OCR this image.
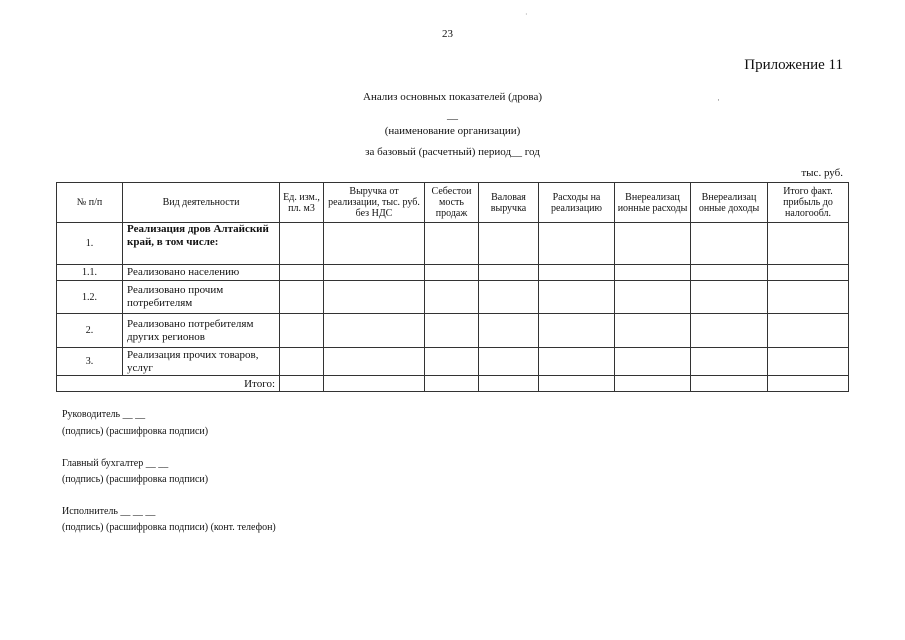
23
·
Приложение 11
Анализ основных показателей (дрова)	·
__
(наименование организации)
за базовый (расчетный) период__ год
тыс. руб.
№ п/п	Вид деятельности	Ед. изм., пл. м3	Выручка от реализации, тыс. руб. без НДС	Себестои мость продаж	Валовая выручка	Расходы на реализацию	Внереализац ионные расходы	Внереализац онные доходы	Итого факт. прибыль до налогообл.
1.	Реализация дров Алтайский край, в том числе:								
1.1.	Реализовано населению								
1.2.	Реализовано прочим потребителям								
2.	Реализовано потребителям других регионов								
3.	Реализация прочих товаров, услуг								
Итого:									
Руководитель __ __
(подпись) (расшифровка подписи)
Главный бухгалтер __ __
(подпись) (расшифровка подписи)
Исполнитель __ __ __
(подпись) (расшифровка подписи) (конт. телефон)
